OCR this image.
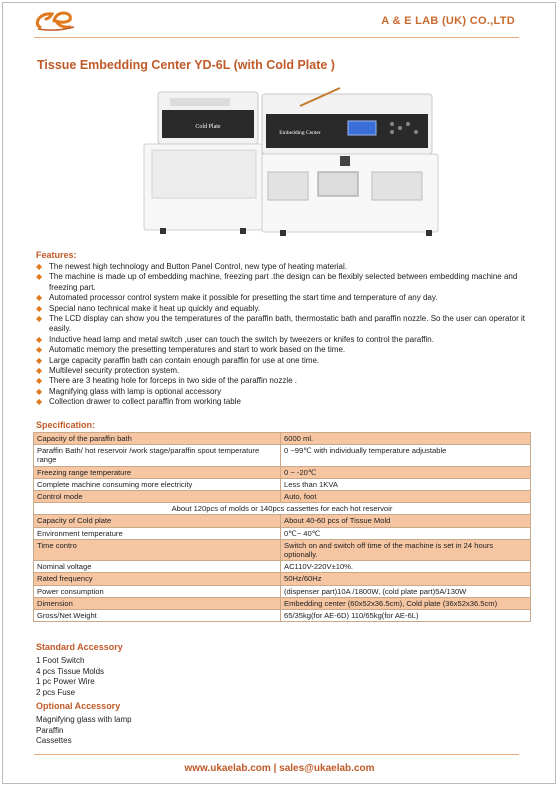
A & E LAB (UK) CO.,LTD
Tissue Embedding Center YD-6L (with Cold Plate )
Cold Plate
Embedding Center
Features:
◆ The newest high technology and Button Panel Control, new type of heating material.
◆ The machine is made up of embedding machine, freezing part .the design can be flexibly selected between embedding machine and freezing part.
◆ Automated processor control system make it possible for presetting the start time and temperature of any day.
◆ Special nano technical make it heat up quickly and equably.
◆ The LCD display can show you the temperatures of the paraffin bath, thermostatic bath and paraffin nozzle. So the user can operator it easily.
◆ Inductive head lamp and metal switch ,user can touch the switch by tweezers or knifes to control the paraffin.
◆ Automatic memory the presetting temperatures and start to work based on the time.
◆ Large capacity paraffin bath can contain enough paraffin for use at one time.
◆ Multilevel security protection system.
◆ There are 3 heating hole for forceps in two side of the paraffin nozzle .
◆ Magnifying glass with lamp is optional accessory
◆ Collection drawer to collect paraffin from working table
Specification:
Capacity of the paraffin bath	6000 ml.
Paraffin Bath/ hot reservoir /work stage/paraffin spout temperature range	0 ~99℃ with individually temperature adjustable
Freezing range temperature	0 ~ -20℃
Complete machine consuming more electricity	Less than 1KVA
Control mode	Auto, foot
About 120pcs of molds or 140pcs cassettes for each hot reservoir	
Capacity of Cold plate	About 40-60 pcs of Tissue Mold
Environment temperature	0℃~ 40℃
Time contro	Switch on and switch off time of the machine is set in 24 hours optionally.
Nominal voltage	AC110V-220V±10%.
Rated frequency	50Hz/60Hz
Power consumption	(dispenser part)10A /1800W, (cold plate part)5A/130W
Dimension	Embedding center (60x52x36.5cm), Cold plate (36x52x36.5cm)
Gross/Net Weight	65/35kg(for AE-6D) 110/65kg(for AE-6L)
Standard Accessory
1 Foot Switch
4 pcs Tissue Molds
1 pc Power Wire
2 pcs Fuse
Optional Accessory
Magnifying glass with lamp
Paraffin
Cassettes
www.ukaelab.com | sales@ukaelab.com
